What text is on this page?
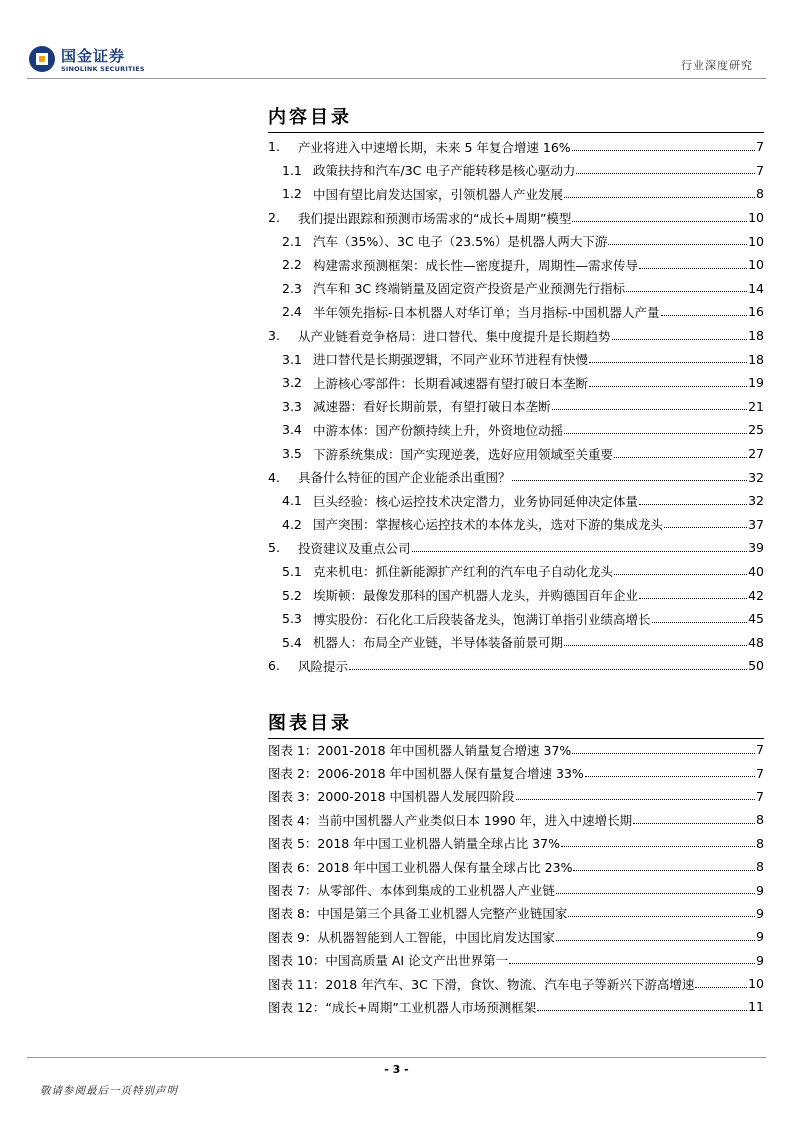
国金证券
SINOLINK SECURITIES	行业深度研究
内容目录
1.	产业将进入中速增长期，未来 5 年复合增速 16%	7
1.1 政策扶持和汽车/3C 电子产能转移是核心驱动力	7
1.2 中国有望比肩发达国家，引领机器人产业发展	8
2.	我们提出跟踪和预测市场需求的“成长+周期”模型	10
2.1 汽车（35%）、3C 电子（23.5%）是机器人两大下游	10
2.2 构建需求预测框架：成长性—密度提升，周期性—需求传导	10
2.3 汽车和 3C 终端销量及固定资产投资是产业预测先行指标	14
2.4 半年领先指标-日本机器人对华订单；当月指标-中国机器人产量	16
3.	从产业链看竞争格局：进口替代、集中度提升是长期趋势	18
3.1 进口替代是长期强逻辑，不同产业环节进程有快慢	18
3.2 上游核心零部件：长期看减速器有望打破日本垄断	19
3.3 减速器：看好长期前景，有望打破日本垄断	21
3.4 中游本体：国产份额持续上升，外资地位动摇	25
3.5 下游系统集成：国产实现逆袭，选好应用领域至关重要	27
4.	具备什么特征的国产企业能杀出重围？	32
4.1 巨头经验：核心运控技术决定潜力，业务协同延伸决定体量	32
4.2 国产突围：掌握核心运控技术的本体龙头，选对下游的集成龙头	37
5.	投资建议及重点公司	39
5.1 克来机电：抓住新能源扩产红利的汽车电子自动化龙头	40
5.2 埃斯顿：最像发那科的国产机器人龙头，并购德国百年企业	42
5.3 博实股份：石化化工后段装备龙头，饱满订单指引业绩高增长	45
5.4 机器人：布局全产业链，半导体装备前景可期	48
6.	风险提示	50
图表目录
图表 1：2001-2018 年中国机器人销量复合增速 37%	7
图表 2：2006-2018 年中国机器人保有量复合增速 33%	7
图表 3：2000-2018 中国机器人发展四阶段	7
图表 4：当前中国机器人产业类似日本 1990 年，进入中速增长期	8
图表 5：2018 年中国工业机器人销量全球占比 37%	8
图表 6：2018 年中国工业机器人保有量全球占比 23%	8
图表 7：从零部件、本体到集成的工业机器人产业链	9
图表 8：中国是第三个具备工业机器人完整产业链国家	9
图表 9：从机器智能到人工智能，中国比肩发达国家	9
图表 10：中国高质量 AI 论文产出世界第一	9
图表 11：2018 年汽车、3C 下滑，食饮、物流、汽车电子等新兴下游高增速	10
图表 12：“成长+周期”工业机器人市场预测框架	11
- 3 -
敬请参阅最后一页特别声明
